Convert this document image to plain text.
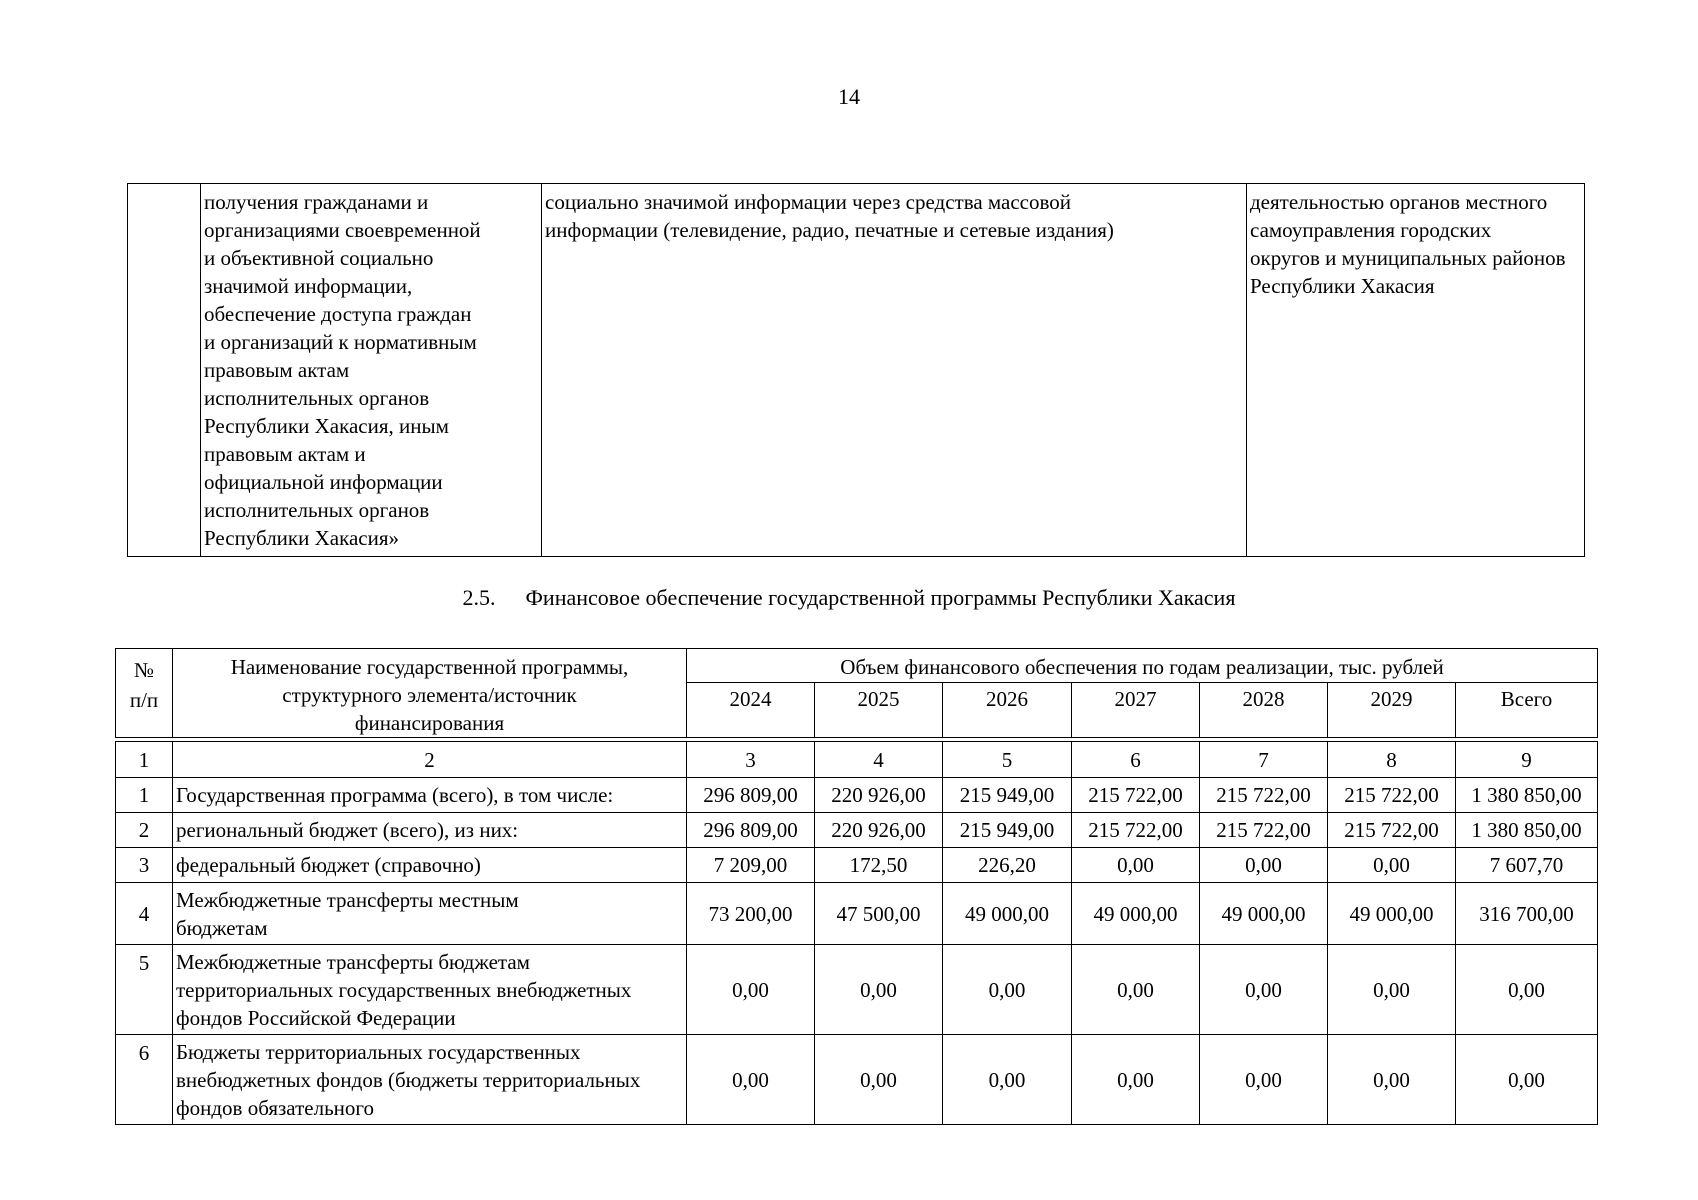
14

получения гражданами и
организациями своевременной
и объективной социально
значимой информации,
обеспечение доступа граждан
и организаций к нормативным
правовым актам
исполнительных органов
Республики Хакасия, иным
правовым актам и
официальной информации
исполнительных органов
Республики Хакасия»

социально значимой информации через средства массовой
информации (телевидение, радио, печатные и сетевые издания)

деятельностью органов местного
самоуправления городских
округов и муниципальных районов
Республики Хакасия
2.5. Финансовое обеспечение государственной программы Республики Хакасия
№ п/п	Наименование государственной программы, структурного элемента/источник финансирования	Объем финансового обеспечения по годам реализации, тыс. рублей						
		2024	2025	2026	2027	2028	2029	Всего

1	2	3	4	5	6	7	8	9
1	Государственная программа (всего), в том числе:	296 809,00	220 926,00	215 949,00	215 722,00	215 722,00	215 722,00	1 380 850,00
2	региональный бюджет (всего), из них:	296 809,00	220 926,00	215 949,00	215 722,00	215 722,00	215 722,00	1 380 850,00
3	федеральный бюджет (справочно)	7 209,00	172,50	226,20	0,00	0,00	0,00	7 607,70
4	Межбюджетные трансферты местным бюджетам	73 200,00	47 500,00	49 000,00	49 000,00	49 000,00	49 000,00	316 700,00
5	Межбюджетные трансферты бюджетам территориальных государственных внебюджетных фондов Российской Федерации	0,00	0,00	0,00	0,00	0,00	0,00	0,00
6	Бюджеты территориальных государственных внебюджетных фондов (бюджеты территориальных фондов обязательного	0,00	0,00	0,00	0,00	0,00	0,00	0,00
